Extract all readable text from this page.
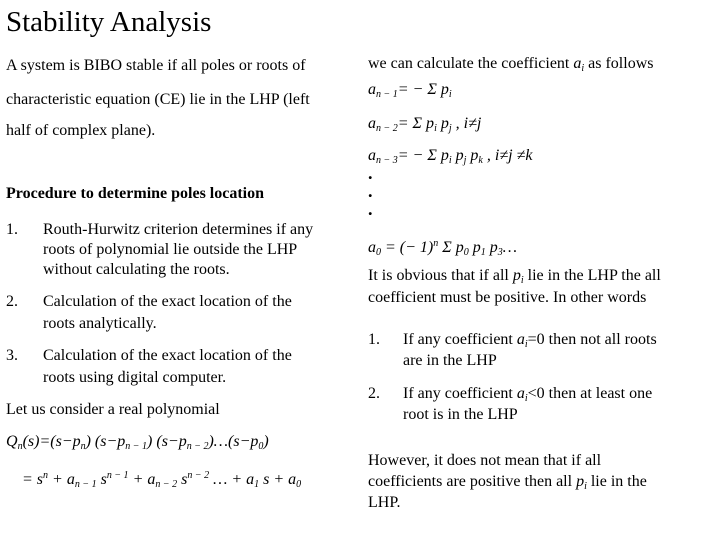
Stability Analysis
A system is BIBO stable if all poles or roots of
characteristic equation (CE) lie in the LHP (left
half of complex plane).
Procedure to determine poles location
1. Routh-Hurwitz criterion determines if any
roots of polynomial lie outside the LHP
without calculating the roots.
2. Calculation of the exact location of the
roots analytically.
3. Calculation of the exact location of the
roots using digital computer.
Let us consider a real polynomial
$Q_n(s)=(s-p_n)$ $(s-p_{n - 1})$ $(s-p_{n - 2})\dots(s-p_0)$
= $s^n + a_{n - 1}$ $s^{n - 1} + a_{n - 2}$ $s^{n - 2}$ … + $a_1$ $s + a_0$
we can calculate the coefficient $a_i$ as follows
$a_{n - 1}= - \Sigma$ $p_i$
$a_{n - 2}= \Sigma$ $p_i$ $p_j$ , i≠j
$a_{n - 3}= - \Sigma$ $p_i$ $p_j$ $p_k$ , i≠j ≠k
.
.
.
$a_0$ = (− 1)$^n$ Σ $p_0$ $p_1$ $p_3\dots$
It is obvious that if all $p_i$ lie in the LHP the all
coefficient must be positive. In other words
1. If any coefficient $a_i=0$ then not all roots
are in the LHP
2. If any coefficient $a_i<0$ then at least one
root is in the LHP
However, it does not mean that if all
coefficients are positive then all $p_i$ lie in the
LHP.
